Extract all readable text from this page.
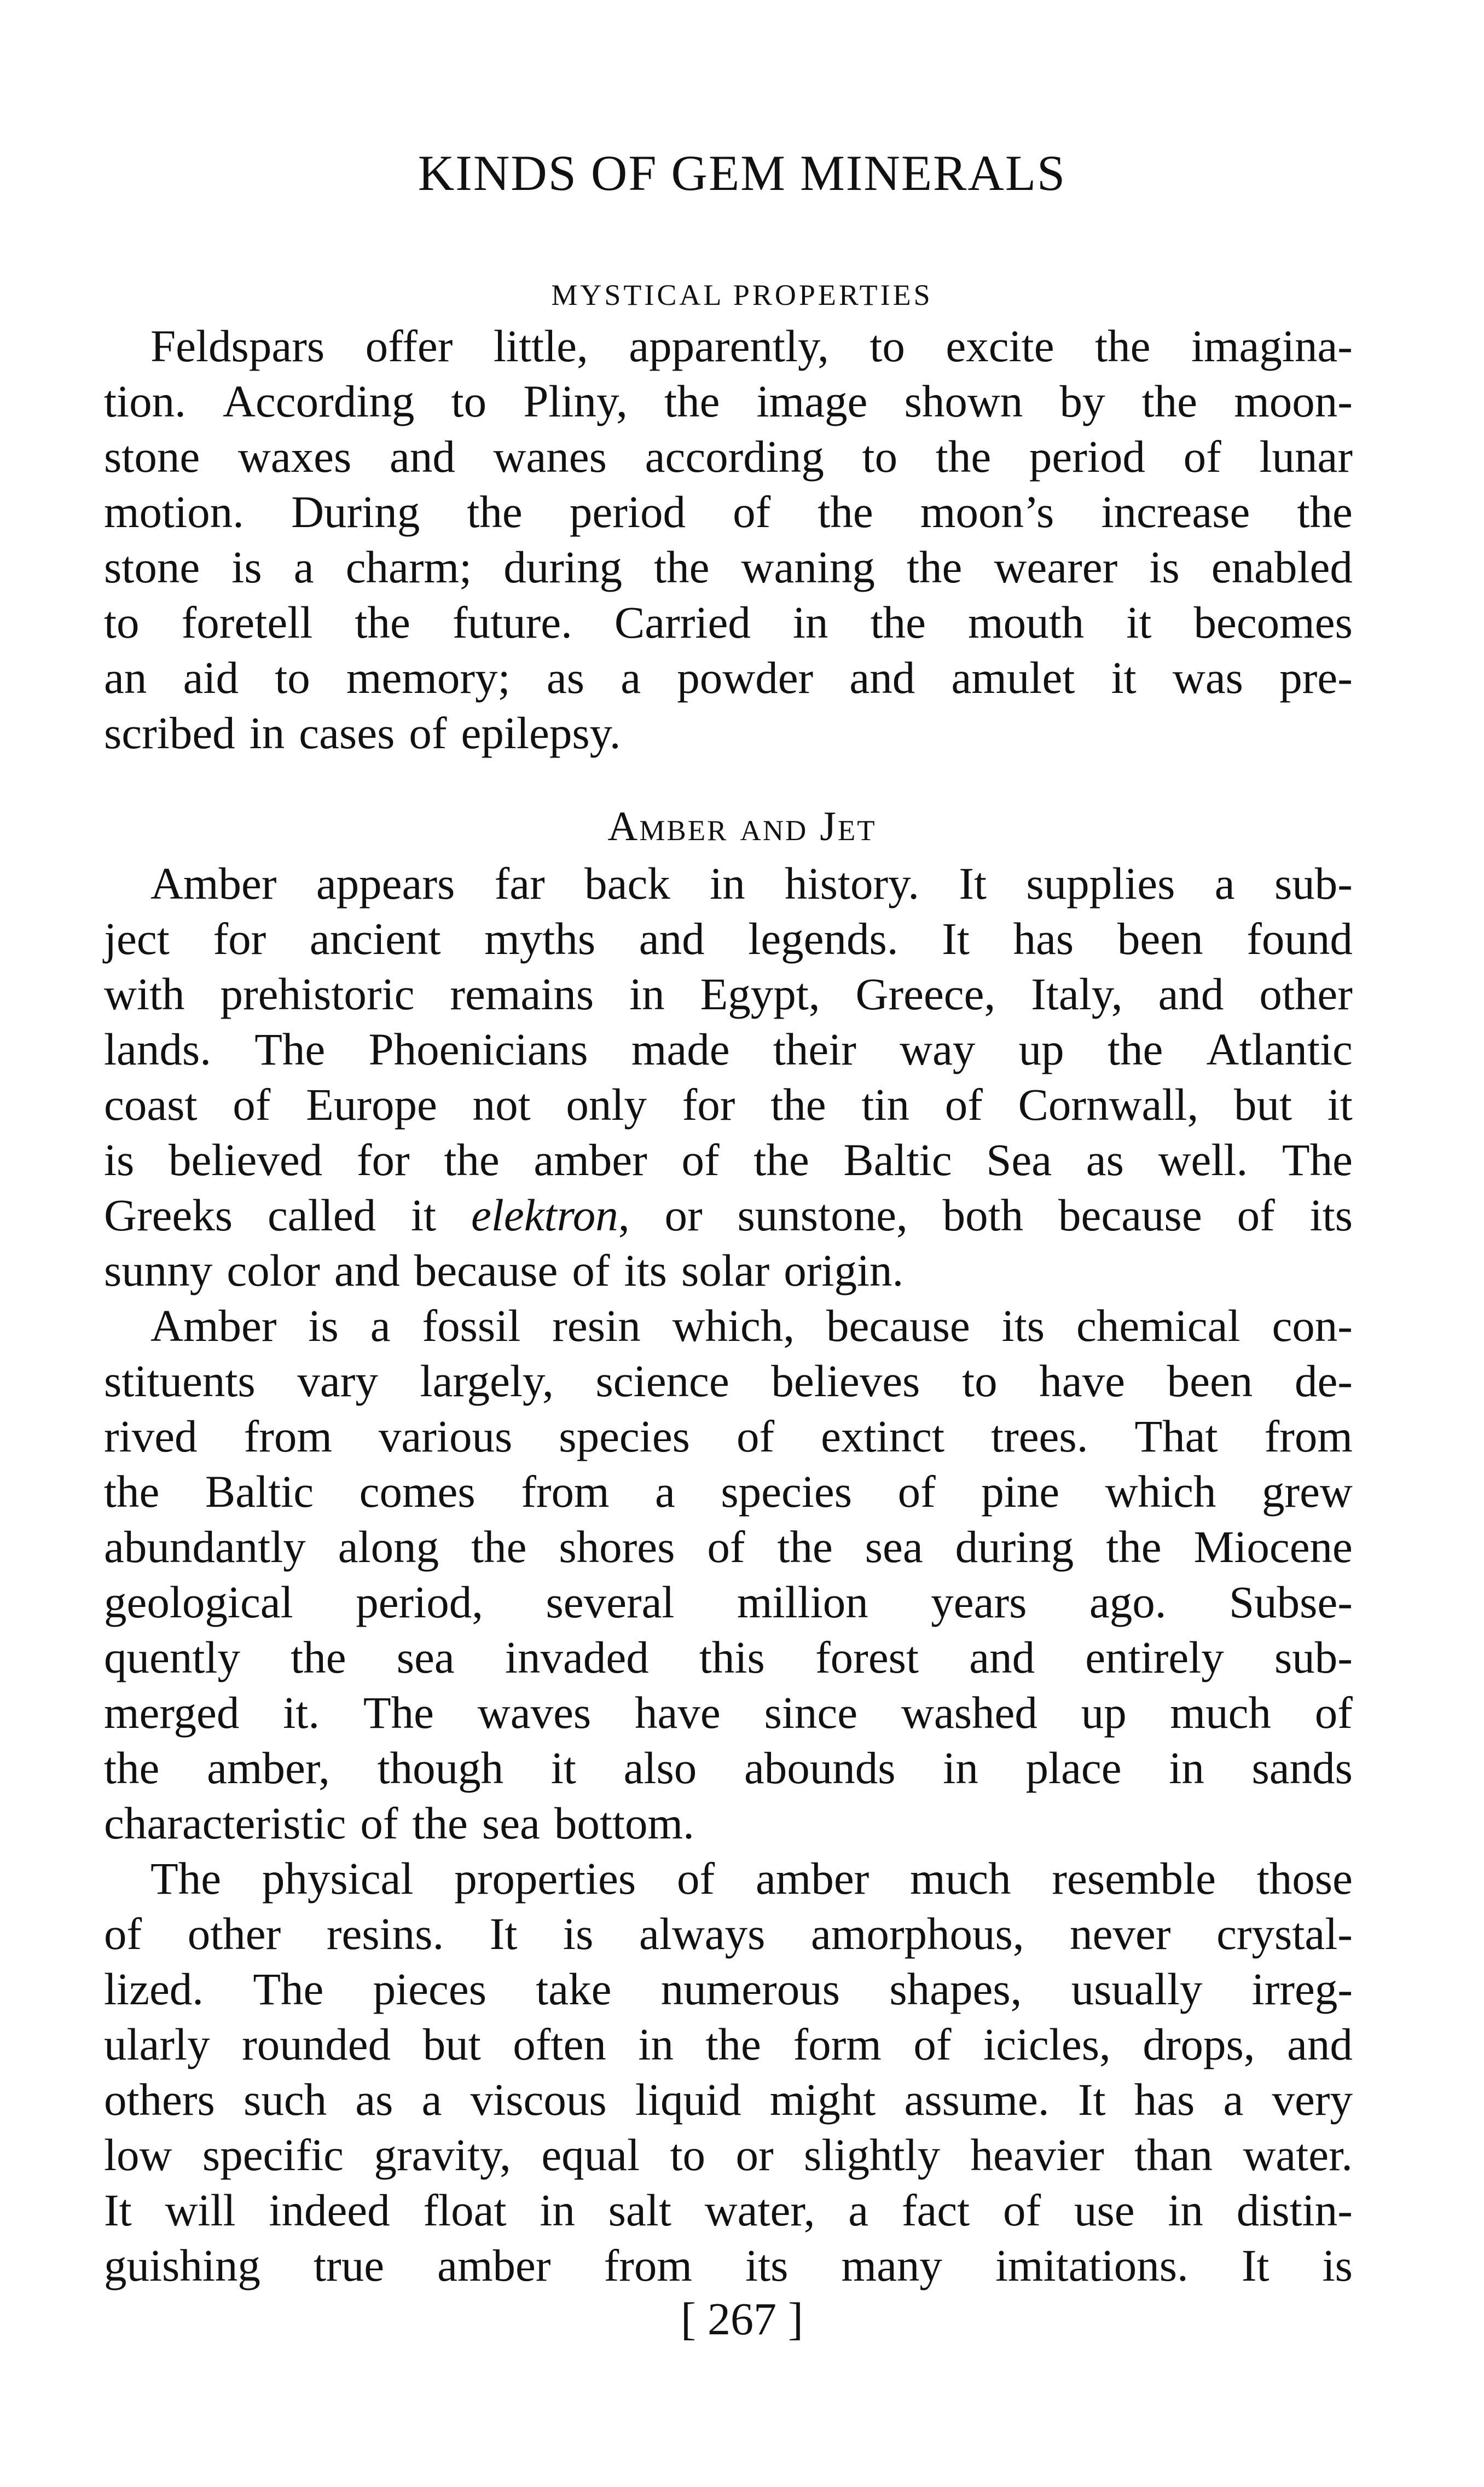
KINDS OF GEM MINERALS
MYSTICAL PROPERTIES
Feldspars offer little, apparently, to excite the imagina-
tion. According to Pliny, the image shown by the moon-
stone waxes and wanes according to the period of lunar
motion. During the period of the moon’s increase the
stone is a charm; during the waning the wearer is enabled
to foretell the future. Carried in the mouth it becomes
an aid to memory; as a powder and amulet it was pre-
scribed in cases of epilepsy.
Amber and Jet
Amber appears far back in history. It supplies a sub-
ject for ancient myths and legends. It has been found
with prehistoric remains in Egypt, Greece, Italy, and other
lands. The Phoenicians made their way up the Atlantic
coast of Europe not only for the tin of Cornwall, but it
is believed for the amber of the Baltic Sea as well. The
Greeks called it elektron, or sunstone, both because of its
sunny color and because of its solar origin.
Amber is a fossil resin which, because its chemical con-
stituents vary largely, science believes to have been de-
rived from various species of extinct trees. That from
the Baltic comes from a species of pine which grew
abundantly along the shores of the sea during the Miocene
geological period, several million years ago. Subse-
quently the sea invaded this forest and entirely sub-
merged it. The waves have since washed up much of
the amber, though it also abounds in place in sands
characteristic of the sea bottom.
The physical properties of amber much resemble those
of other resins. It is always amorphous, never crystal-
lized. The pieces take numerous shapes, usually irreg-
ularly rounded but often in the form of icicles, drops, and
others such as a viscous liquid might assume. It has a very
low specific gravity, equal to or slightly heavier than water.
It will indeed float in salt water, a fact of use in distin-
guishing true amber from its many imitations. It is
[ 267 ]
